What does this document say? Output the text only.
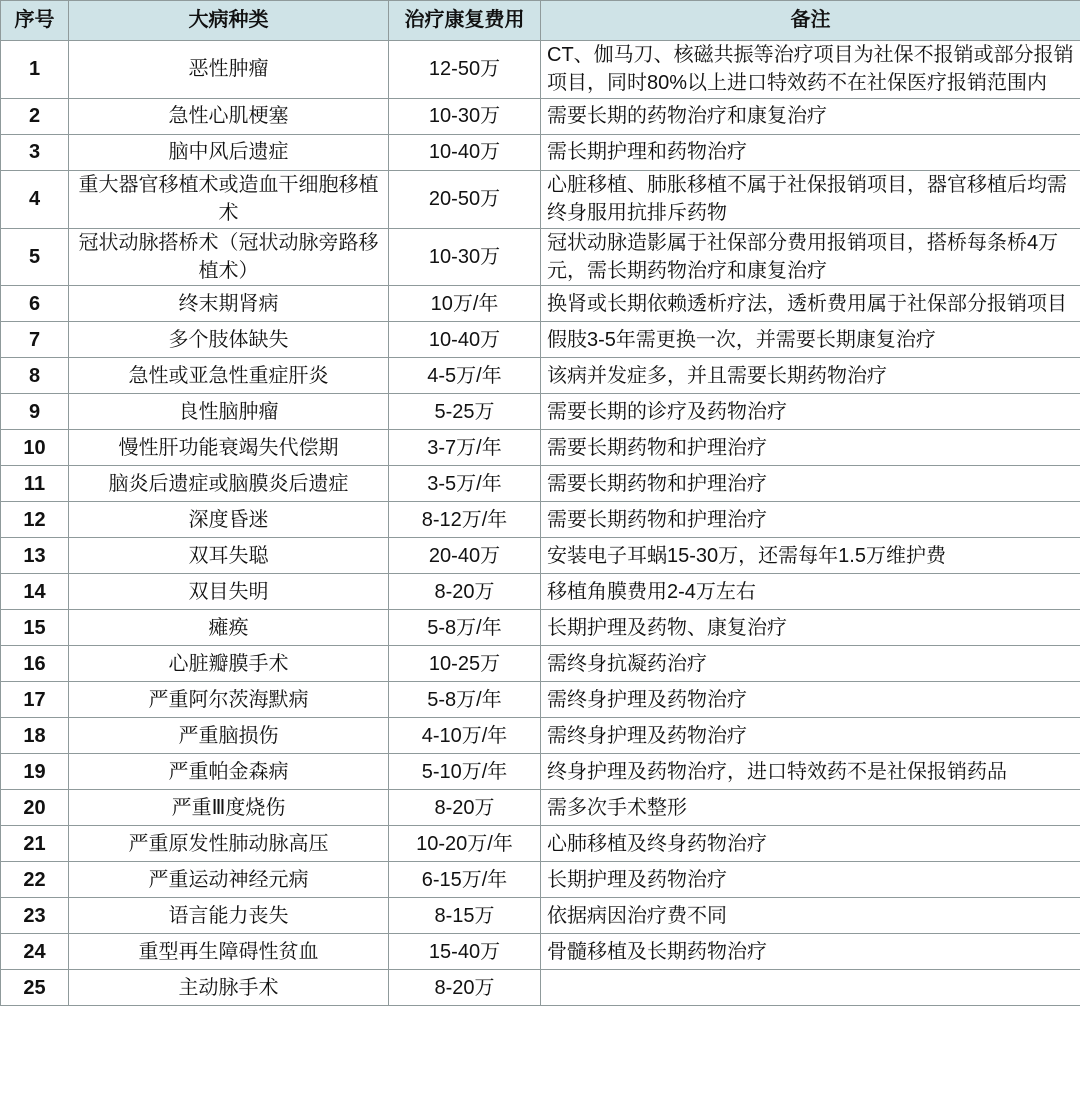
序号	大病种类	治疗康复费用	备注

1	恶性肿瘤	12-50万	CT、伽马刀、核磁共振等治疗项目为社保不报销或部分报销项目，同时80%以上进口特效药不在社保医疗报销范围内

2	急性心肌梗塞	10-30万	需要长期的药物治疗和康复治疗

3	脑中风后遗症	10-40万	需长期护理和药物治疗

4	重大器官移植术或造血干细胞移植术	20-50万	心脏移植、肺胀移植不属于社保报销项目，器官移植后均需终身服用抗排斥药物

5	冠状动脉搭桥术（冠状动脉旁路移植术）	10-30万	冠状动脉造影属于社保部分费用报销项目，搭桥每条桥4万元，需长期药物治疗和康复治疗

6	终末期肾病	10万/年	换肾或长期依赖透析疗法，透析费用属于社保部分报销项目

7	多个肢体缺失	10-40万	假肢3-5年需更换一次，并需要长期康复治疗

8	急性或亚急性重症肝炎	4-5万/年	该病并发症多，并且需要长期药物治疗

9	良性脑肿瘤	5-25万	需要长期的诊疗及药物治疗

10	慢性肝功能衰竭失代偿期	3-7万/年	需要长期药物和护理治疗

11	脑炎后遗症或脑膜炎后遗症	3-5万/年	需要长期药物和护理治疗

12	深度昏迷	8-12万/年	需要长期药物和护理治疗

13	双耳失聪	20-40万	安装电子耳蜗15-30万，还需每年1.5万维护费

14	双目失明	8-20万	移植角膜费用2-4万左右

15	瘫痪	5-8万/年	长期护理及药物、康复治疗

16	心脏瓣膜手术	10-25万	需终身抗凝药治疗

17	严重阿尔茨海默病	5-8万/年	需终身护理及药物治疗

18	严重脑损伤	4-10万/年	需终身护理及药物治疗

19	严重帕金森病	5-10万/年	终身护理及药物治疗，进口特效药不是社保报销药品

20	严重Ⅲ度烧伤	8-20万	需多次手术整形

21	严重原发性肺动脉高压	10-20万/年	心肺移植及终身药物治疗

22	严重运动神经元病	6-15万/年	长期护理及药物治疗

23	语言能力丧失	8-15万	依据病因治疗费不同

24	重型再生障碍性贫血	15-40万	骨髓移植及长期药物治疗

25	主动脉手术	8-20万	
